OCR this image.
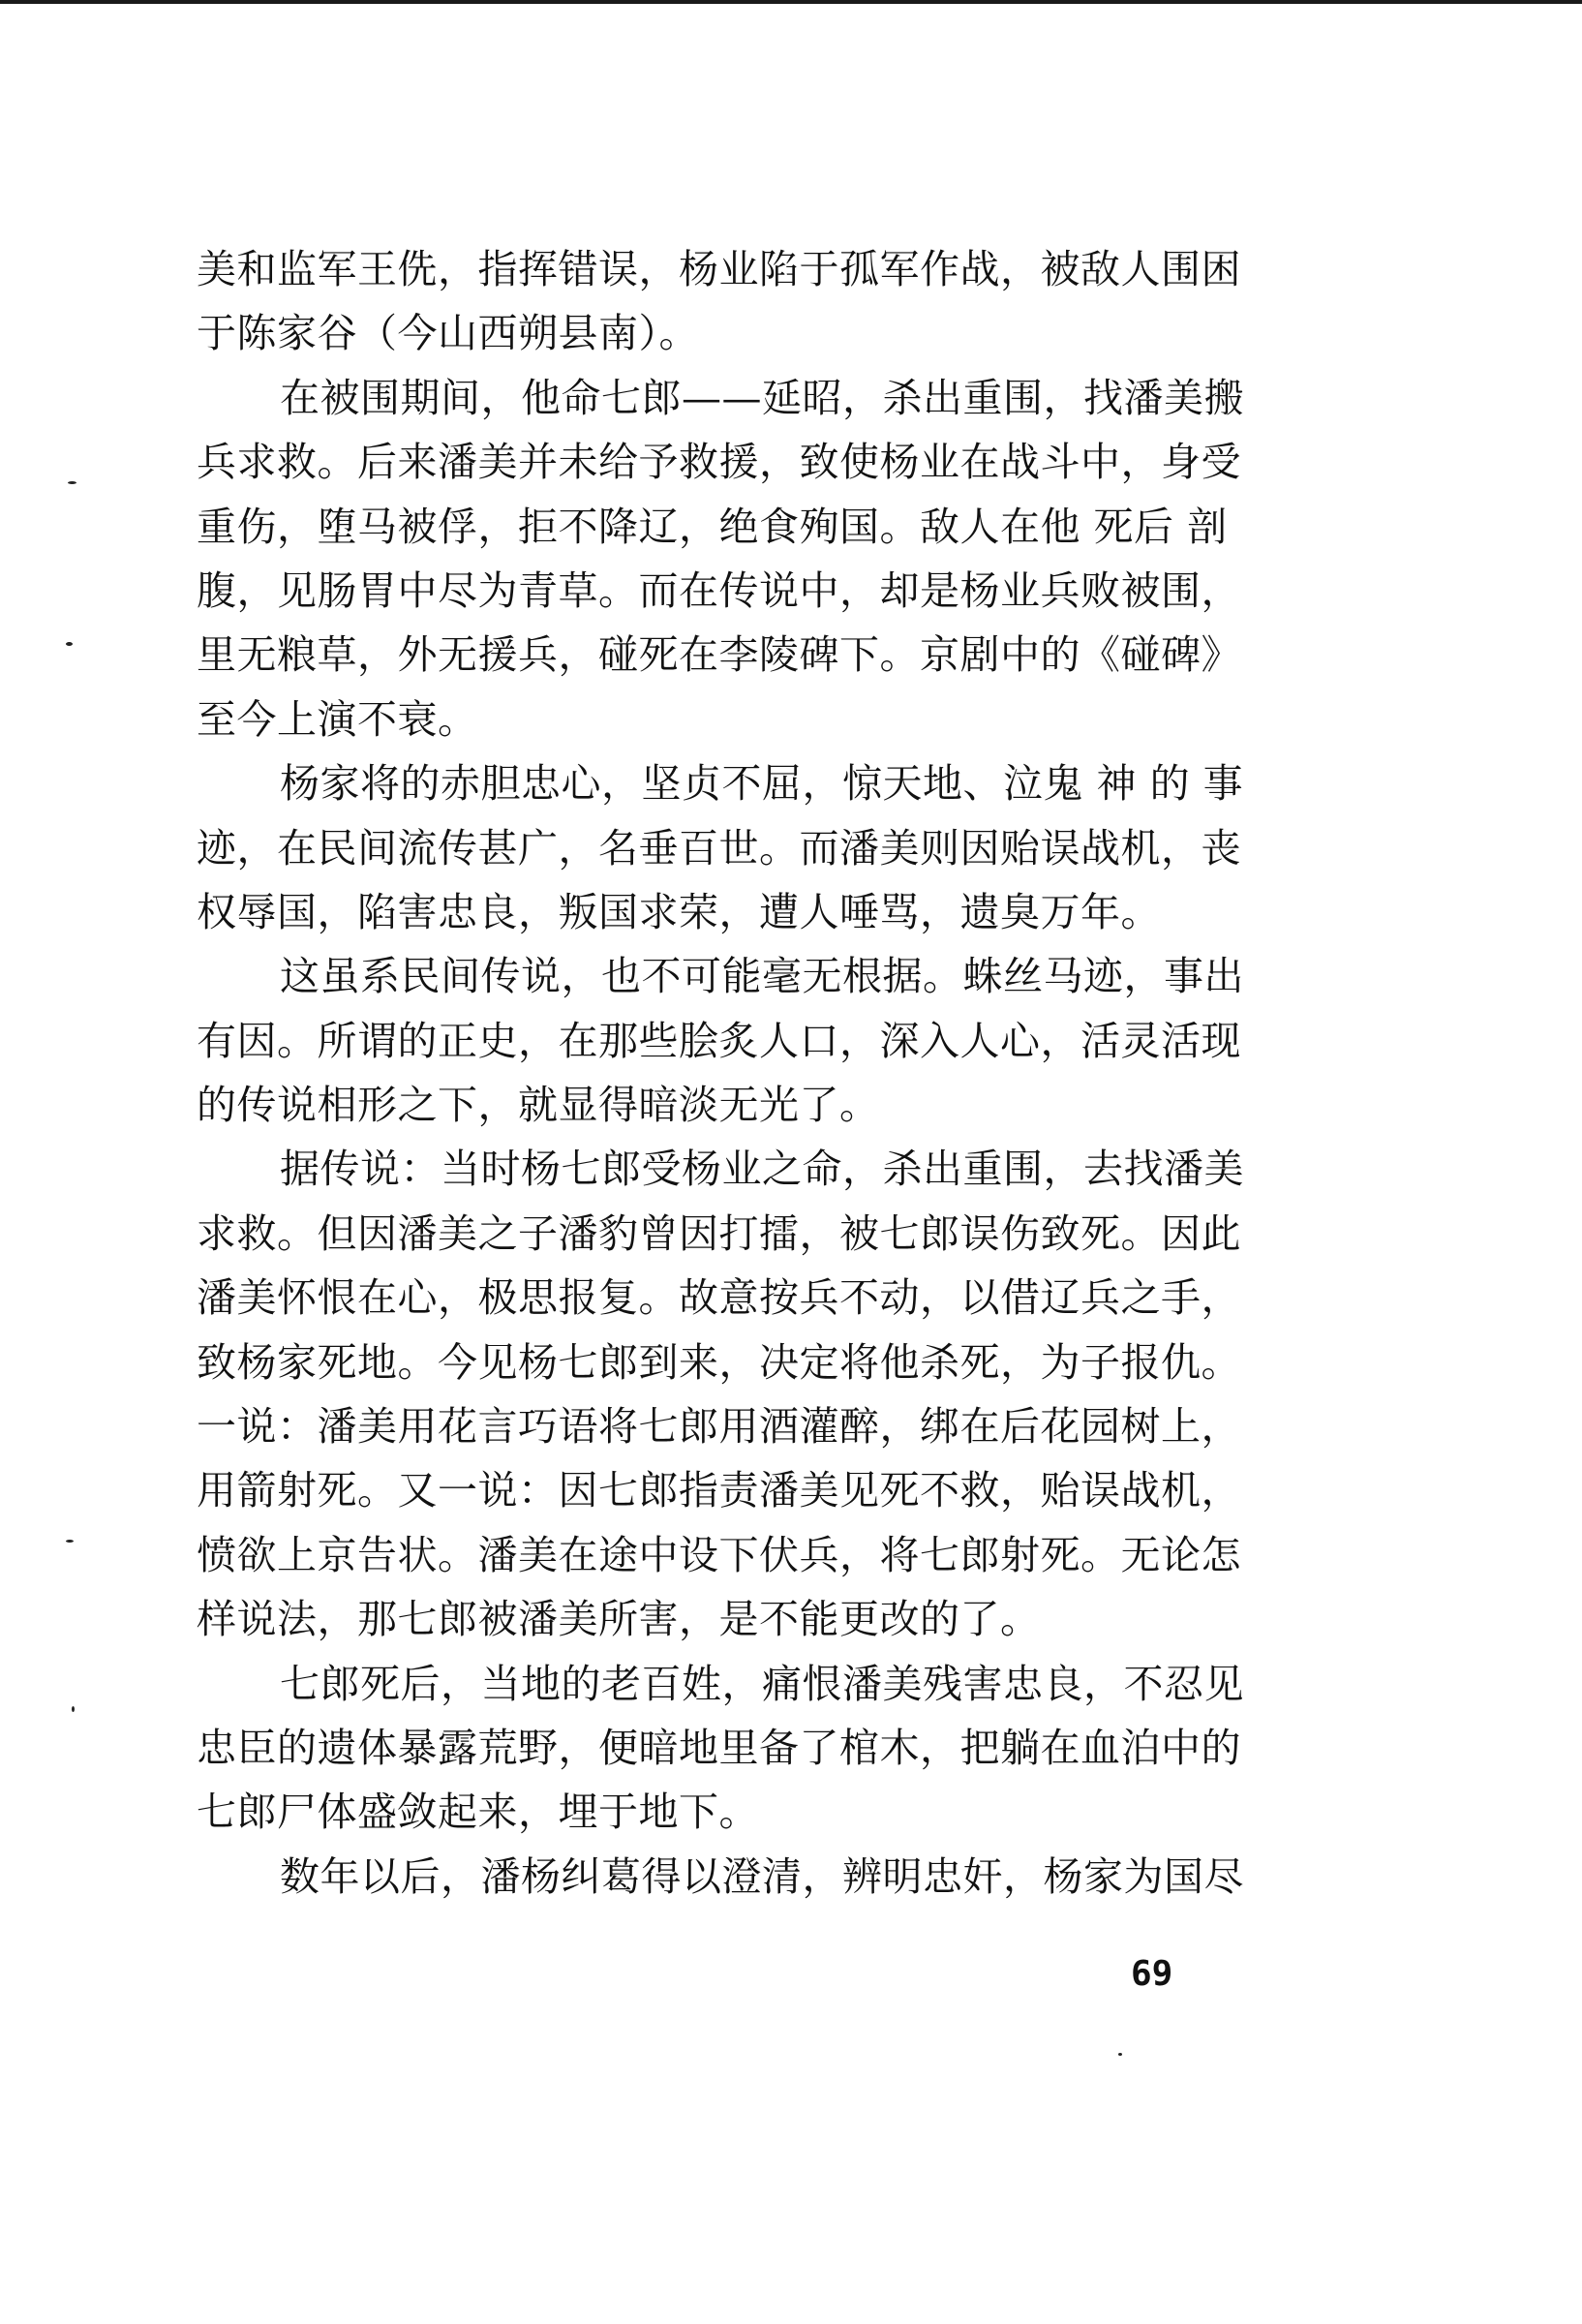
美和监军王侁，指挥错误，杨业陷于孤军作战，被敌人围困
于陈家谷（今山西朔县南）。
在被围期间，他命七郎——延昭，杀出重围，找潘美搬
兵求救。后来潘美并未给予救援，致使杨业在战斗中，身受
重伤，堕马被俘，拒不降辽，绝食殉国。敌人在他 死后 剖
腹，见肠胃中尽为青草。而在传说中，却是杨业兵败被围，
里无粮草，外无援兵，碰死在李陵碑下。京剧中的《碰碑》
至今上演不衰。
杨家将的赤胆忠心，坚贞不屈，惊天地、泣鬼 神 的 事
迹，在民间流传甚广，名垂百世。而潘美则因贻误战机，丧
权辱国，陷害忠良，叛国求荣，遭人唾骂，遗臭万年。
这虽系民间传说，也不可能毫无根据。蛛丝马迹，事出
有因。所谓的正史，在那些脍炙人口，深入人心，活灵活现
的传说相形之下，就显得暗淡无光了。
据传说：当时杨七郎受杨业之命，杀出重围，去找潘美
求救。但因潘美之子潘豹曾因打擂，被七郎误伤致死。因此
潘美怀恨在心，极思报复。故意按兵不动，以借辽兵之手，
致杨家死地。今见杨七郎到来，决定将他杀死，为子报仇。
一说：潘美用花言巧语将七郎用酒灌醉，绑在后花园树上，
用箭射死。又一说：因七郎指责潘美见死不救，贻误战机，
愤欲上京告状。潘美在途中设下伏兵，将七郎射死。无论怎
样说法，那七郎被潘美所害，是不能更改的了。
七郎死后，当地的老百姓，痛恨潘美残害忠良，不忍见
忠臣的遗体暴露荒野，便暗地里备了棺木，把躺在血泊中的
七郎尸体盛敛起来，埋于地下。
数年以后，潘杨纠葛得以澄清，辨明忠奸，杨家为国尽
69
